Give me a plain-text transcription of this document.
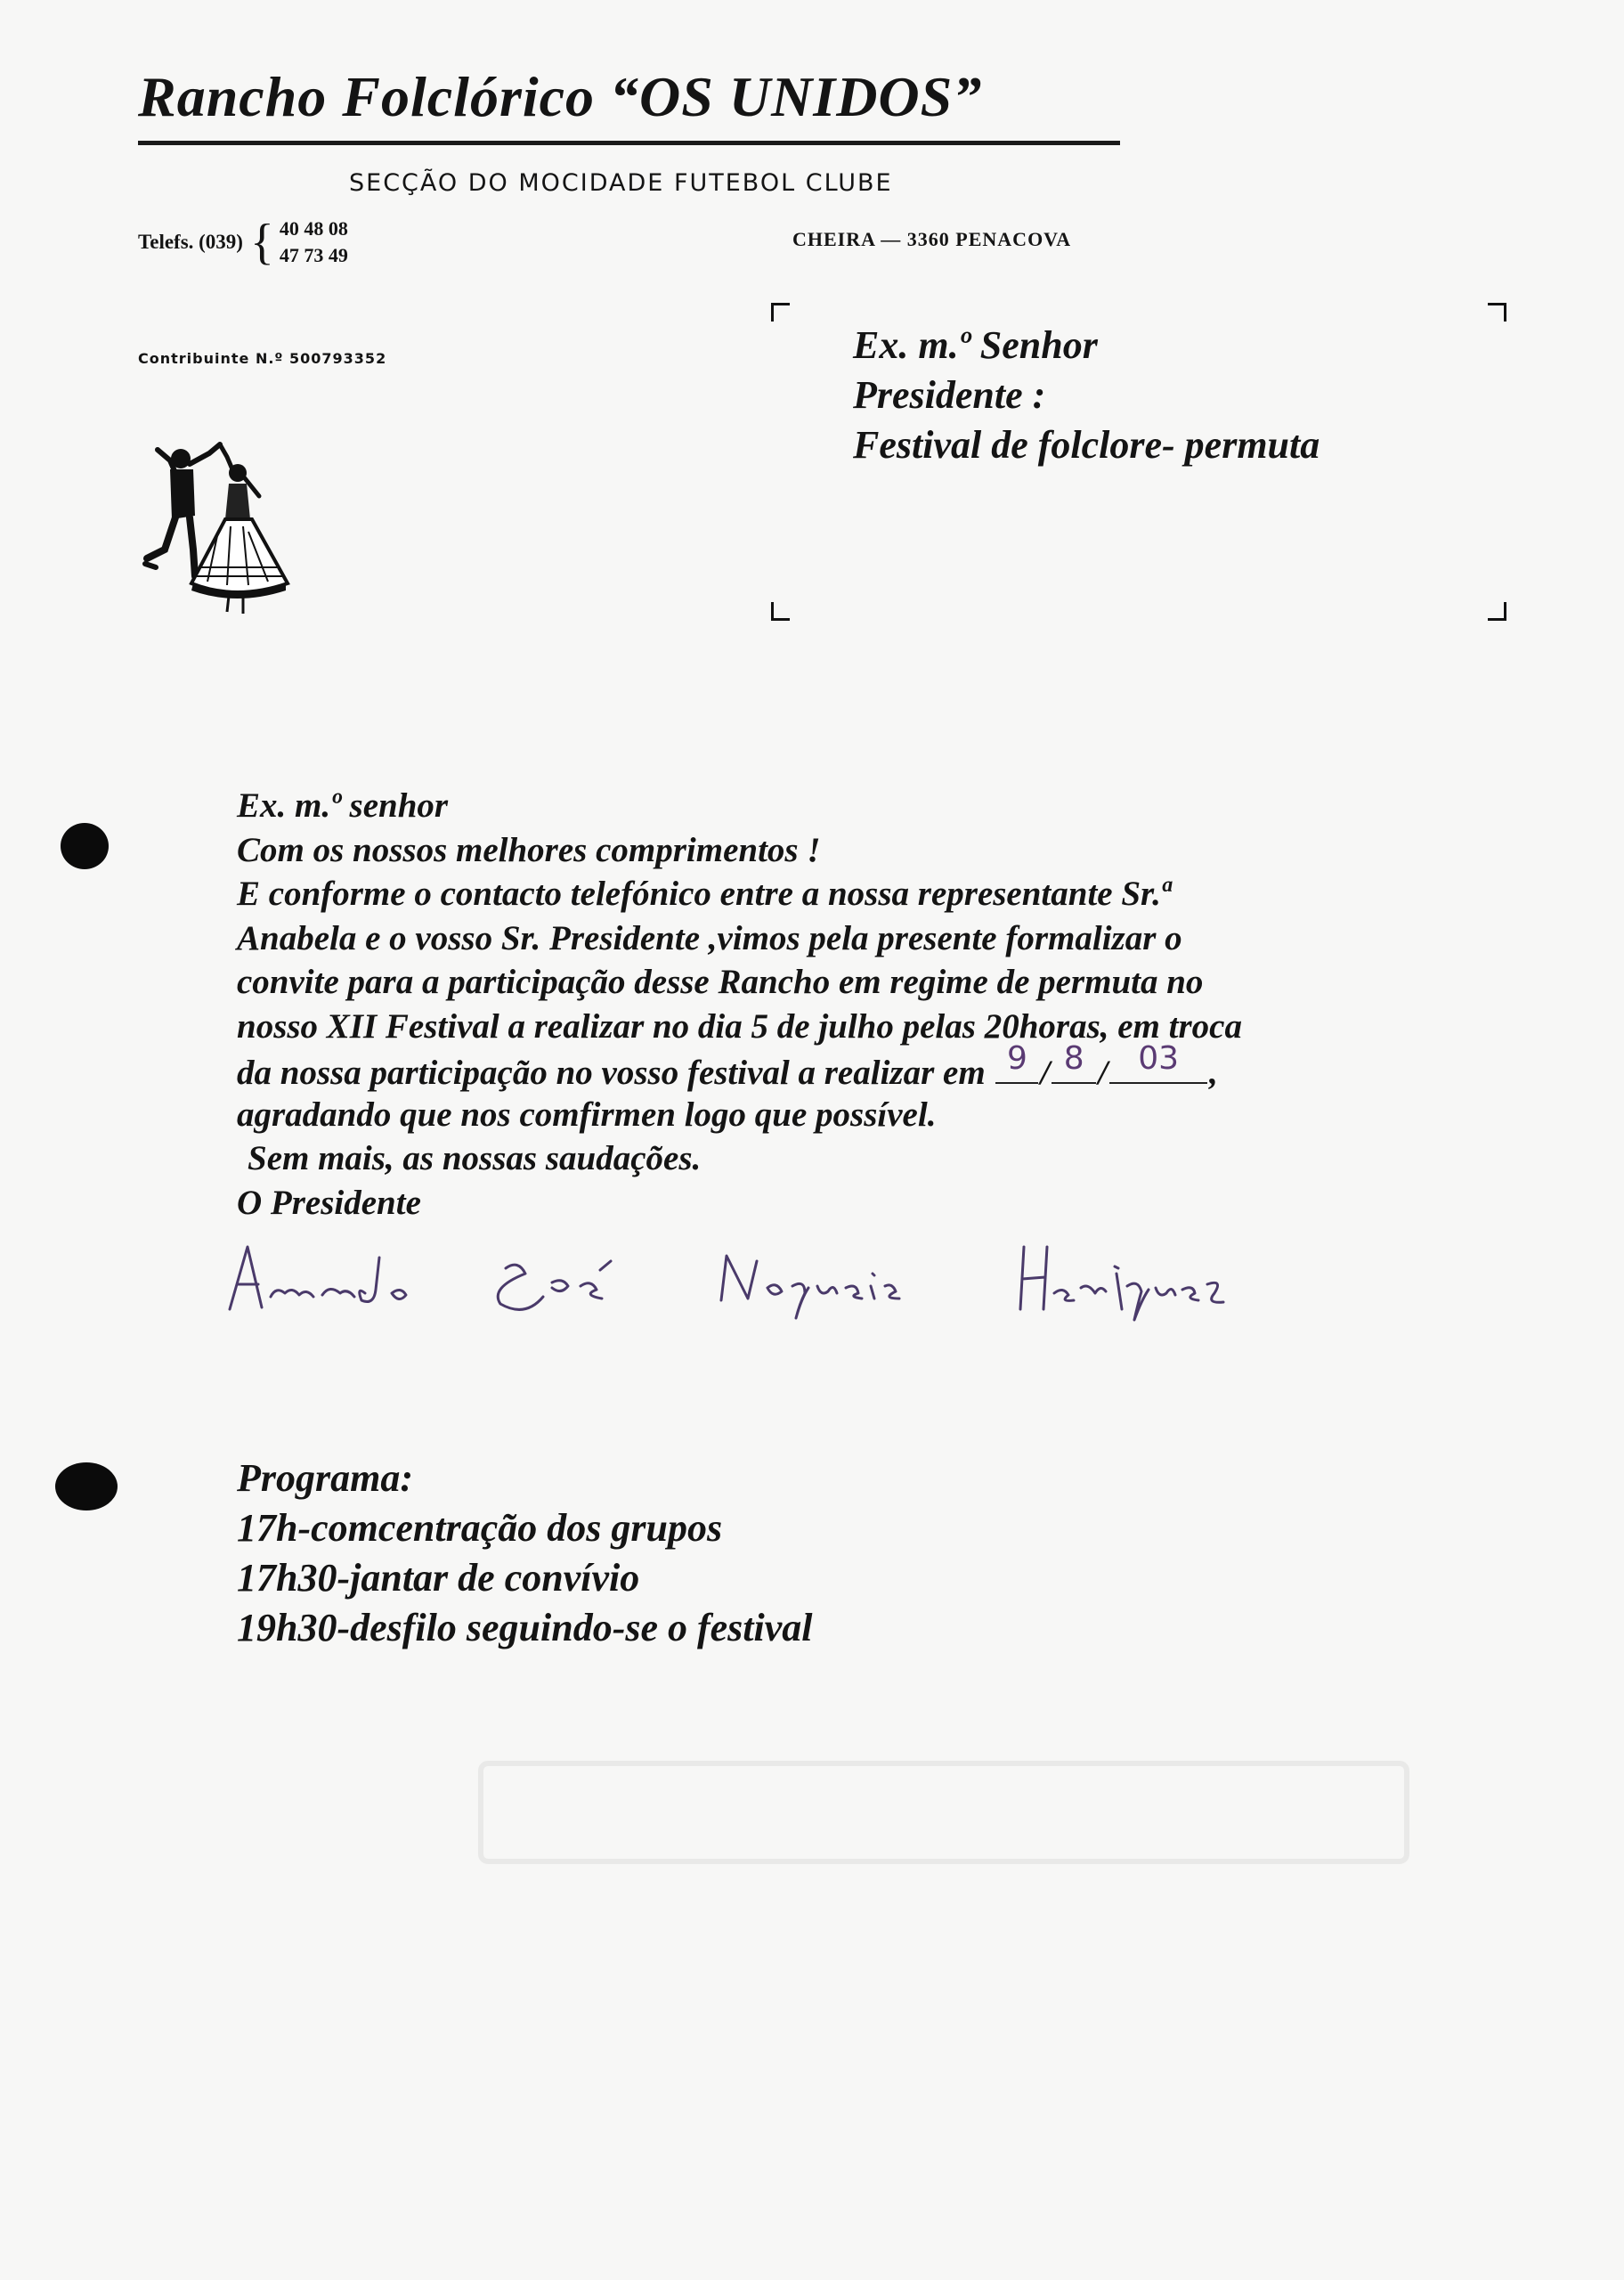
Rancho Folclórico “OS UNIDOS”
SECÇÃO DO MOCIDADE FUTEBOL CLUBE
Telefs. (039) { 40 48 08
47 73 49
CHEIRA — 3360 PENACOVA
Contribuinte N.º 500793352	Ex. m.º Senhor
Presidente :
Festival de folclore- permuta
Ex. m.º senhor
Com os nossos melhores comprimentos !
E conforme o contacto telefónico entre a nossa representante Sr.ª
Anabela e o vosso Sr. Presidente ,vimos pela presente formalizar o
convite para a participação desse Rancho em regime de permuta no
nosso XII Festival a realizar no dia 5 de julho pelas 20horas, em troca
da nossa participação no vosso festival a realizar em 9 / 8 / 03 ,
agradando que nos comfirmen logo que possível.
Sem mais, as nossas saudações.
O Presidente
Programa:
17h-comcentração dos grupos
17h30-jantar de convívio
19h30-desfilo seguindo-se o festival
